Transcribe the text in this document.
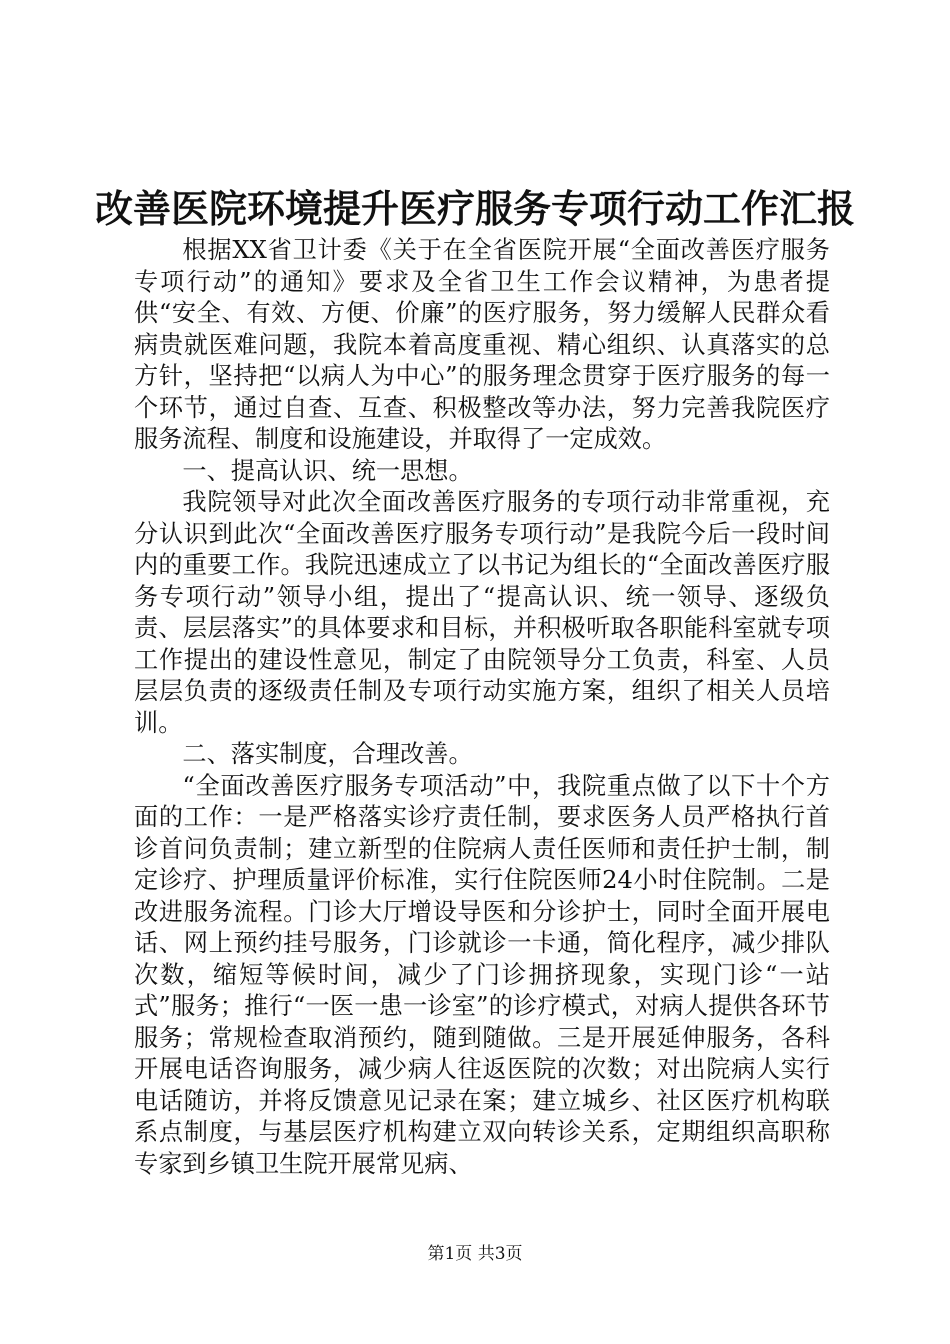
改善医院环境提升医疗服务专项行动工作汇报

根据XX省卫计委《关于在全省医院开展“全面改善医疗服务专项行动”的通知》要求及全省卫生工作会议精神，为患者提供“安全、有效、方便、价廉”的医疗服务，努力缓解人民群众看病贵就医难问题，我院本着高度重视、精心组织、认真落实的总方针，坚持把“以病人为中心”的服务理念贯穿于医疗服务的每一个环节，通过自查、互查、积极整改等办法，努力完善我院医疗服务流程、制度和设施建设，并取得了一定成效。

一、提高认识、统一思想。

我院领导对此次全面改善医疗服务的专项行动非常重视，充分认识到此次“全面改善医疗服务专项行动”是我院今后一段时间内的重要工作。我院迅速成立了以书记为组长的“全面改善医疗服务专项行动”领导小组，提出了“提高认识、统一领导、逐级负责、层层落实”的具体要求和目标，并积极听取各职能科室就专项工作提出的建设性意见，制定了由院领导分工负责，科室、人员层层负责的逐级责任制及专项行动实施方案，组织了相关人员培训。

二、落实制度，合理改善。

“全面改善医疗服务专项活动”中，我院重点做了以下十个方面的工作：一是严格落实诊疗责任制，要求医务人员严格执行首诊首问负责制；建立新型的住院病人责任医师和责任护士制，制定诊疗、护理质量评价标准，实行住院医师24小时住院制。二是改进服务流程。门诊大厅增设导医和分诊护士，同时全面开展电话、网上预约挂号服务，门诊就诊一卡通，简化程序，减少排队次数，缩短等候时间，减少了门诊拥挤现象，实现门诊“一站式”服务；推行“一医一患一诊室”的诊疗模式，对病人提供各环节服务；常规检查取消预约，随到随做。三是开展延伸服务，各科开展电话咨询服务，减少病人往返医院的次数；对出院病人实行电话随访，并将反馈意见记录在案；建立城乡、社区医疗机构联系点制度，与基层医疗机构建立双向转诊关系，定期组织高职称专家到乡镇卫生院开展常见病、

第1页 共3页
